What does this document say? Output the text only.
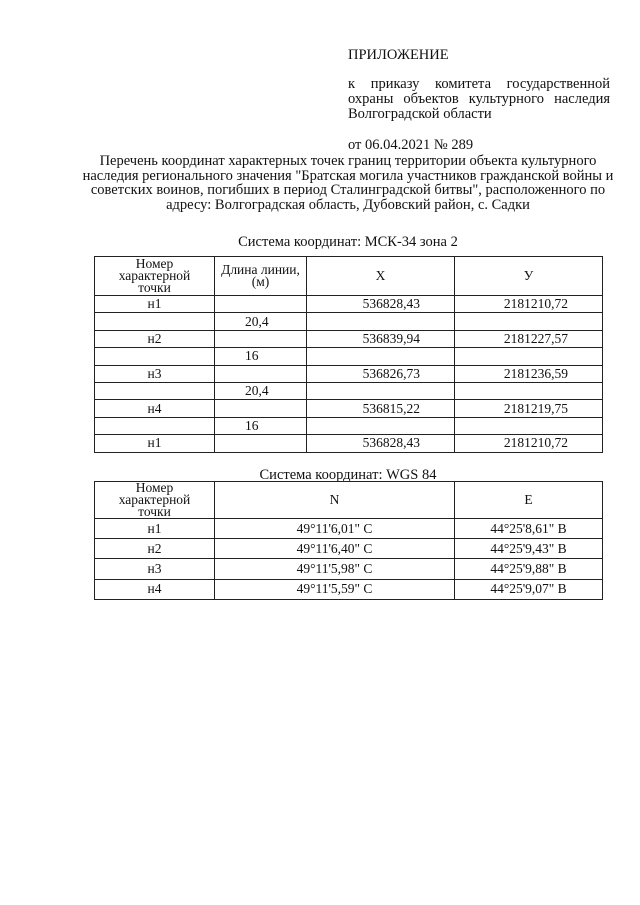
ПРИЛОЖЕНИЕ

к приказу комитета государственной охраны объектов культурного наследия Волгоградской области

от 06.04.2021 № 289
Перечень координат характерных точек границ территории объекта культурного наследия регионального значения "Братская могила участников гражданской войны и советских воинов, погибших в период Сталинградской битвы", расположенного по адресу: Волгоградская область, Дубовский район, с. Садки
Система координат: МСК-34 зона 2
Номер характерной точки	Длина линии, (м)	X	У
н1		536828,43	2181210,72
	20,4		
н2		536839,94	2181227,57
	16		
н3		536826,73	2181236,59
	20,4		
н4		536815,22	2181219,75
	16		
н1		536828,43	2181210,72
Система координат: WGS 84
Номер характерной точки	N	E
н1	49°11'6,01" С	44°25'8,61" В
н2	49°11'6,40" С	44°25'9,43" В
н3	49°11'5,98" С	44°25'9,88" В
н4	49°11'5,59" С	44°25'9,07" В
